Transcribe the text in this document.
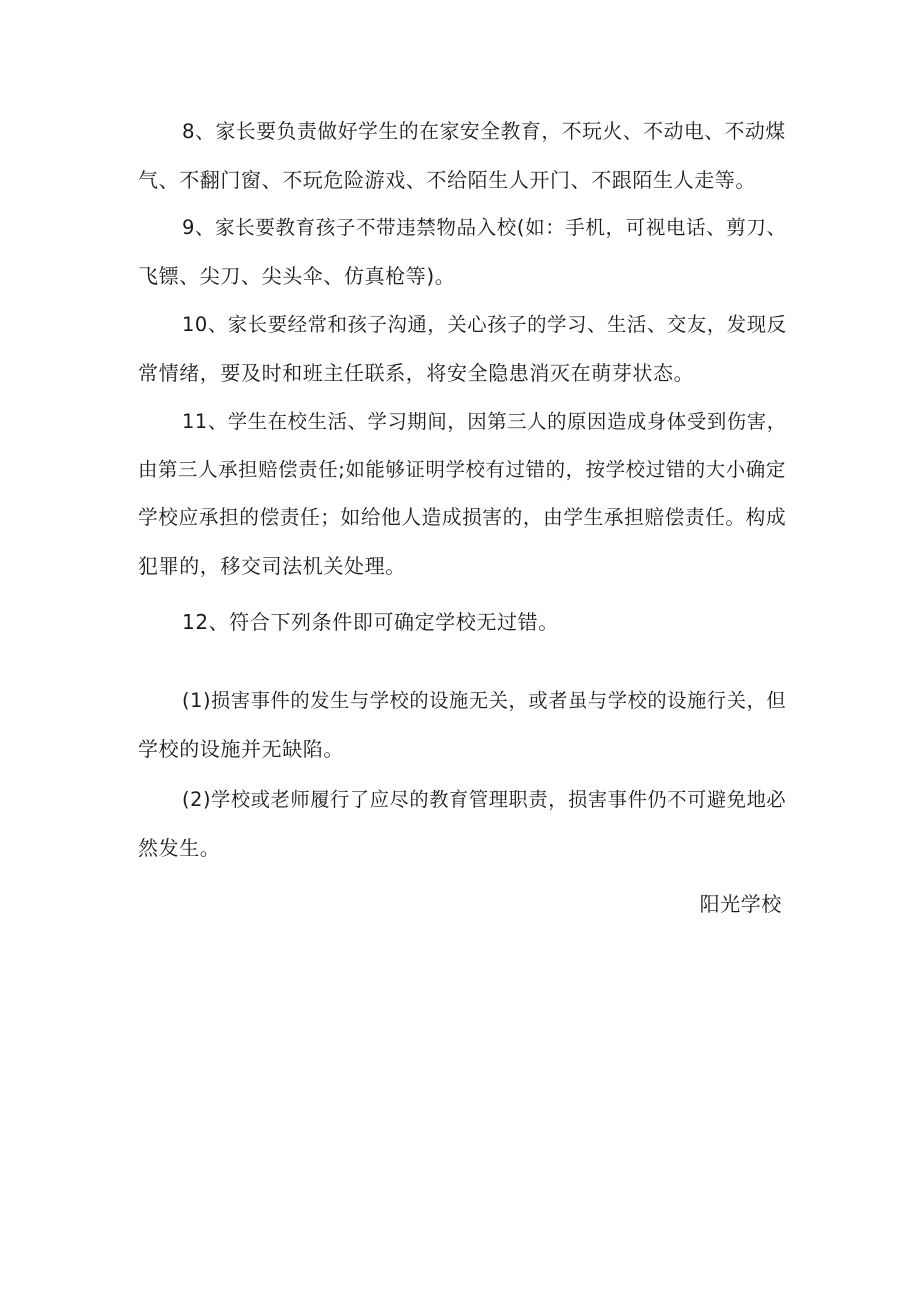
8、家长要负责做好学生的在家安全教育，不玩火、不动电、不动煤
气、不翻门窗、不玩危险游戏、不给陌生人开门、不跟陌生人走等。

9、家长要教育孩子不带违禁物品入校(如：手机，可视电话、剪刀、
飞镖、尖刀、尖头伞、仿真枪等)。

10、家长要经常和孩子沟通，关心孩子的学习、生活、交友，发现反
常情绪，要及时和班主任联系，将安全隐患消灭在萌芽状态。

11、学生在校生活、学习期间，因第三人的原因造成身体受到伤害，
由第三人承担赔偿责任;如能够证明学校有过错的，按学校过错的大小确定
学校应承担的偿责任；如给他人造成损害的，由学生承担赔偿责任。构成
犯罪的，移交司法机关处理。

12、符合下列条件即可确定学校无过错。

(1)损害事件的发生与学校的设施无关，或者虽与学校的设施行关，但
学校的设施并无缺陷。

(2)学校或老师履行了应尽的教育管理职责，损害事件仍不可避免地必
然发生。

阳光学校
